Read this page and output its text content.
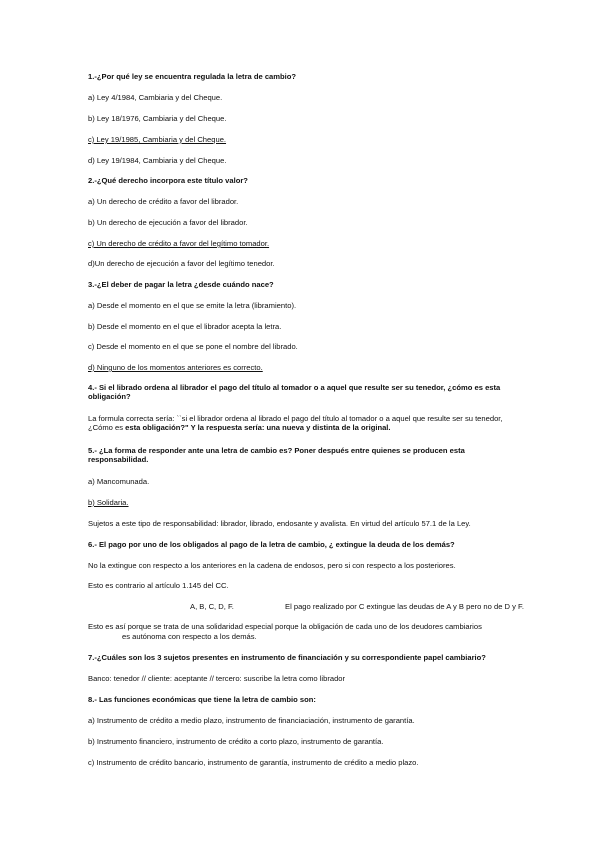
1.-¿Por qué ley se encuentra regulada la letra de cambio?
a) Ley 4/1984, Cambiaria y del Cheque.
b) Ley 18/1976, Cambiaria y del Cheque.
c) Ley 19/1985, Cambiaria y del Cheque.
d) Ley 19/1984, Cambiaria y del Cheque.
2.-¿Qué derecho incorpora este título valor?
a) Un derecho de crédito a favor del librador.
b) Un derecho de ejecución a favor del librador.
c) Un derecho de crédito a favor del legítimo tomador.
d)Un derecho de ejecución a favor del legítimo tenedor.
3.-¿El deber de pagar la letra ¿desde cuándo nace?
a) Desde el momento en el que se emite la letra (libramiento).
b) Desde el momento en el que el librador acepta la letra.
c) Desde el momento en el que se pone el nombre del librado.
d) Ninguno de los momentos anteriores es correcto.
4.- Si el librado ordena al librador el pago del título al tomador o a aquel que resulte ser su tenedor, ¿cómo es esta obligación?
La formula correcta sería: ``si el librador ordena al librado el pago del título al tomador o a aquel que resulte ser su tenedor, ¿Cómo es esta obligación?" Y la respuesta sería: una nueva y distinta de la original.
5.- ¿La forma de responder ante una letra de cambio es? Poner después entre quienes se producen esta responsabilidad.
a) Mancomunada.
b) Solidaria.
Sujetos a este tipo de responsabilidad: librador, librado, endosante y avalista. En virtud del artículo 57.1 de la Ley.
6.- El pago por uno de los obligados al pago de la letra de cambio, ¿ extingue la deuda de los demás?
No la extingue con respecto a los anteriores en la cadena de endosos, pero si con respecto a los posteriores.
Esto es contrario al artículo 1.145 del CC.
A, B, C, D, F.	El pago realizado por C extingue las deudas de A y B pero no de D y F.
Esto es así porque se trata de una solidaridad especial porque la obligación de cada uno de los deudores cambiarios
es autónoma con respecto a los demás.
7.-¿Cuáles son los 3 sujetos presentes en instrumento de financiación y su correspondiente papel cambiario?
Banco: tenedor // cliente: aceptante // tercero: suscribe la letra como librador
8.- Las funciones económicas que tiene la letra de cambio son:
a) Instrumento de crédito a medio plazo, instrumento de financiaciación, instrumento de garantía.
b) Instrumento financiero, instrumento de crédito a corto plazo, instrumento de garantía.
c) Instrumento de crédito bancario, instrumento de garantía, instrumento de crédito a medio plazo.
